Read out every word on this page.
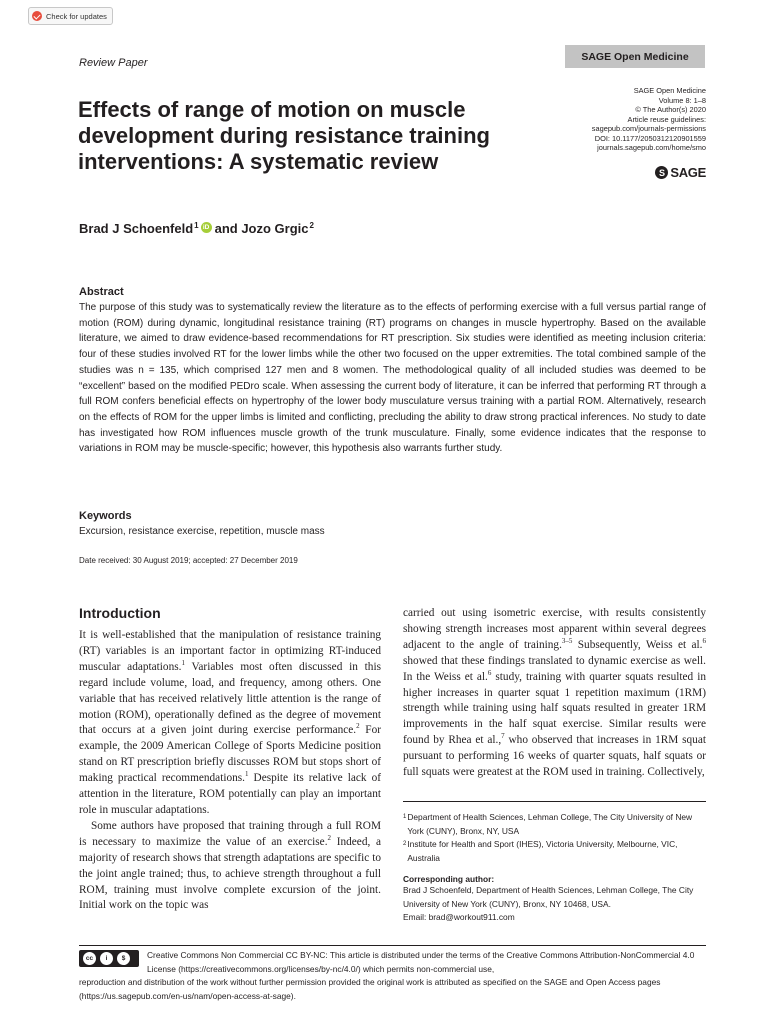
Check for updates
Review Paper
SAGE Open Medicine
Effects of range of motion on muscle development during resistance training interventions: A systematic review
SAGE Open Medicine
Volume 8: 1–8
© The Author(s) 2020
Article reuse guidelines:
sagepub.com/journals-permissions
DOI: 10.1177/2050312120901559
journals.sagepub.com/home/smo
S SAGE
Brad J Schoenfeld$^1$ iD and Jozo Grgic$^2$
Abstract
The purpose of this study was to systematically review the literature as to the effects of performing exercise with a full versus partial range of motion (ROM) during dynamic, longitudinal resistance training (RT) programs on changes in muscle hypertrophy. Based on the available literature, we aimed to draw evidence-based recommendations for RT prescription. Six studies were identified as meeting inclusion criteria: four of these studies involved RT for the lower limbs while the other two focused on the upper extremities. The total combined sample of the studies was n = 135, which comprised 127 men and 8 women. The methodological quality of all included studies was deemed to be “excellent” based on the modified PEDro scale. When assessing the current body of literature, it can be inferred that performing RT through a full ROM confers beneficial effects on hypertrophy of the lower body musculature versus training with a partial ROM. Alternatively, research on the effects of ROM for the upper limbs is limited and conflicting, precluding the ability to draw strong practical inferences. No study to date has investigated how ROM influences muscle growth of the trunk musculature. Finally, some evidence indicates that the response to variations in ROM may be muscle-specific; however, this hypothesis also warrants further study.
Keywords
Excursion, resistance exercise, repetition, muscle mass
Date received: 30 August 2019; accepted: 27 December 2019
Introduction

It is well-established that the manipulation of resistance training (RT) variables is an important factor in optimizing RT-induced muscular adaptations.$^1$ Variables most often discussed in this regard include volume, load, and frequency, among others. One variable that has received relatively little attention is the range of motion (ROM), operationally defined as the degree of movement that occurs at a given joint during exercise performance.$^2$ For example, the 2009 American College of Sports Medicine position stand on RT prescription briefly discusses ROM but stops short of making practical recommendations.$^1$ Despite its relative lack of attention in the literature, ROM potentially can play an important role in muscular adaptations.

Some authors have proposed that training through a full ROM is necessary to maximize the value of an exercise.$^2$ Indeed, a majority of research shows that strength adaptations are specific to the joint angle trained; thus, to achieve strength throughout a full ROM, training must involve complete excursion of the joint. Initial work on the topic was

carried out using isometric exercise, with results consistently showing strength increases most apparent within several degrees adjacent to the angle of training.$^{3-5}$ Subsequently, Weiss et al.$^6$ showed that these findings translated to dynamic exercise as well. In the Weiss et al.$^6$ study, training with quarter squats resulted in higher increases in quarter squat 1 repetition maximum (1RM) strength while training using half squats resulted in greater 1RM improvements in the half squat exercise. Similar results were found by Rhea et al.,$^7$ who observed that increases in 1RM squat pursuant to performing 16 weeks of quarter squats, half squats or full squats were greatest at the ROM used in training. Collectively,
1 Department of Health Sciences, Lehman College, The City University of New York (CUNY), Bronx, NY, USA
2 Institute for Health and Sport (IHES), Victoria University, Melbourne, VIC, Australia
Corresponding author:
Brad J Schoenfeld, Department of Health Sciences, Lehman College, The City University of New York (CUNY), Bronx, NY 10468, USA.
Email: brad@workout911.com
cc	i	$	Creative Commons Non Commercial CC BY-NC: This article is distributed under the terms of the Creative Commons Attribution-NonCommercial 4.0 License (https://creativecommons.org/licenses/by-nc/4.0/) which permits non-commercial use,
reproduction and distribution of the work without further permission provided the original work is attributed as specified on the SAGE and Open Access pages (https://us.sagepub.com/en-us/nam/open-access-at-sage).
